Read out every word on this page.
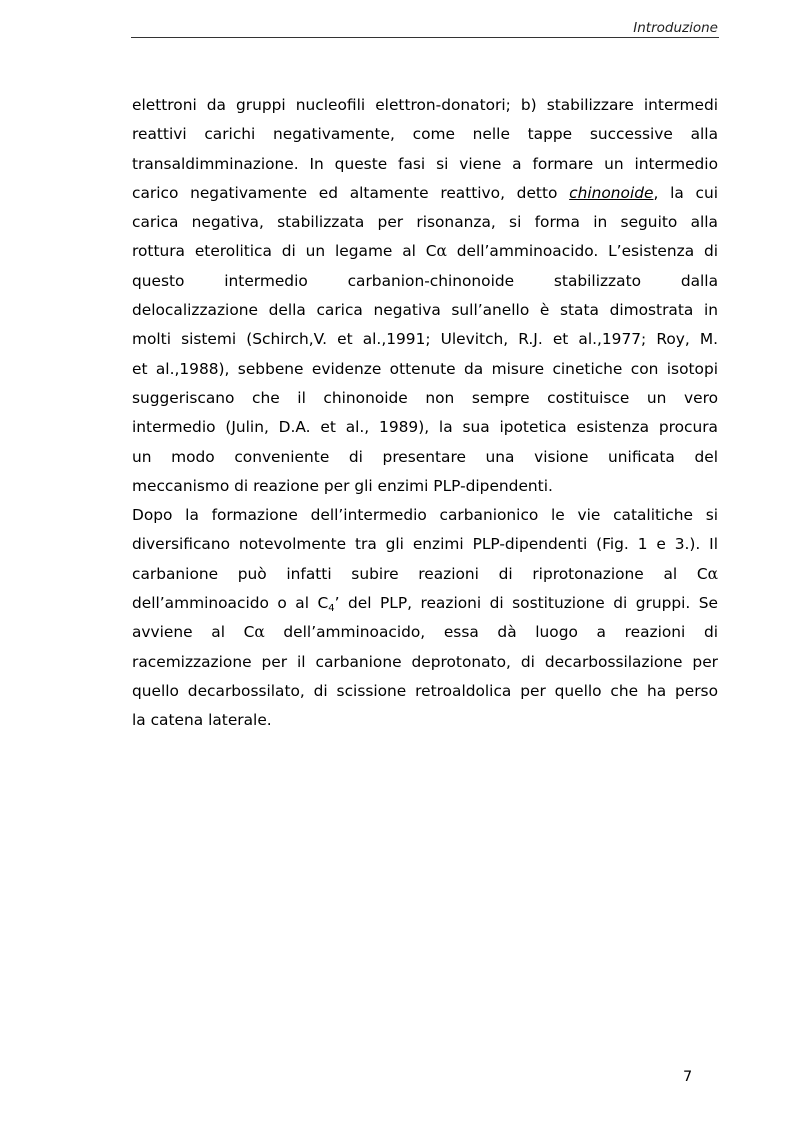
Introduzione
elettroni da gruppi nucleofili elettron-donatori; b) stabilizzare intermedi
reattivi carichi negativamente, come nelle tappe successive alla
transaldimminazione. In queste fasi si viene a formare un intermedio
carico negativamente ed altamente reattivo, detto chinonoide, la cui
carica negativa, stabilizzata per risonanza, si forma in seguito alla
rottura eterolitica di un legame al Cα dell’amminoacido. L’esistenza di
questo intermedio carbanion-chinonoide stabilizzato dalla
delocalizzazione della carica negativa sull’anello è stata dimostrata in
molti sistemi (Schirch,V. et al.,1991; Ulevitch, R.J. et al.,1977; Roy, M.
et al.,1988), sebbene evidenze ottenute da misure cinetiche con isotopi
suggeriscano che il chinonoide non sempre costituisce un vero
intermedio (Julin, D.A. et al., 1989), la sua ipotetica esistenza procura
un modo conveniente di presentare una visione unificata del
meccanismo di reazione per gli enzimi PLP-dipendenti.
Dopo la formazione dell’intermedio carbanionico le vie catalitiche si
diversificano notevolmente tra gli enzimi PLP-dipendenti (Fig. 1 e 3.). Il
carbanione può infatti subire reazioni di riprotonazione al Cα
dell’amminoacido o al $C_4$’ del PLP, reazioni di sostituzione di gruppi. Se
avviene al Cα dell’amminoacido, essa dà luogo a reazioni di
racemizzazione per il carbanione deprotonato, di decarbossilazione per
quello decarbossilato, di scissione retroaldolica per quello che ha perso
la catena laterale.
7
